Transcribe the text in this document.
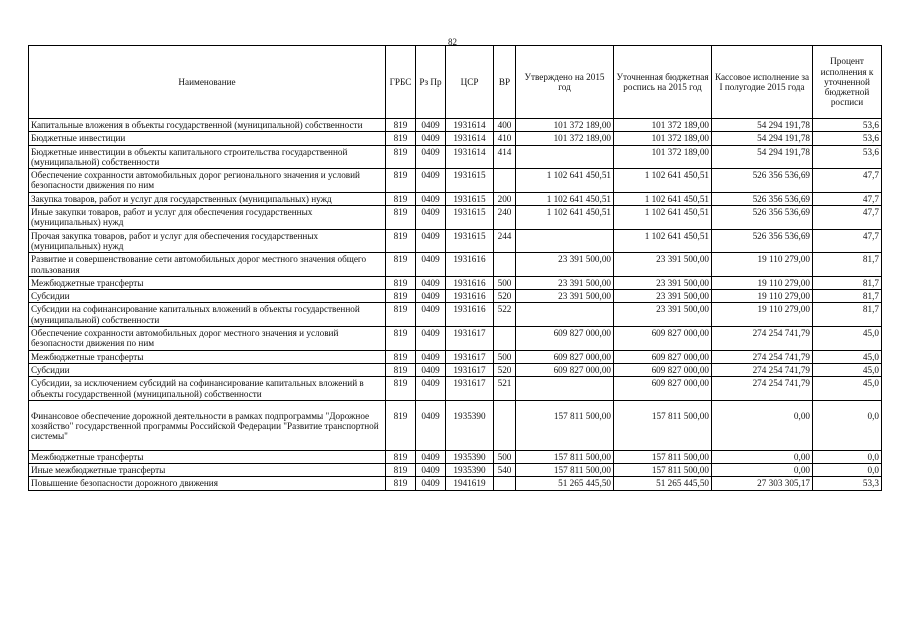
82
Наименование	ГРБС	Рз Пр	ЦСР	ВР	Утверждено на 2015 год	Уточненная бюджетная роспись на 2015 год	Кассовое исполнение за I полугодие 2015 года	Процент исполнения к уточненной бюджетной росписи
Капитальные вложения в объекты государственной (муниципальной) собственности	819	0409	1931614	400	101 372 189,00	101 372 189,00	54 294 191,78	53,6
Бюджетные инвестиции	819	0409	1931614	410	101 372 189,00	101 372 189,00	54 294 191,78	53,6
Бюджетные инвестиции в объекты капитального строительства государственной (муниципальной) собственности	819	0409	1931614	414		101 372 189,00	54 294 191,78	53,6
Обеспечение сохранности автомобильных дорог регионального значения и условий безопасности движения по ним	819	0409	1931615		1 102 641 450,51	1 102 641 450,51	526 356 536,69	47,7
Закупка товаров, работ и услуг для государственных (муниципальных) нужд	819	0409	1931615	200	1 102 641 450,51	1 102 641 450,51	526 356 536,69	47,7
Иные закупки товаров, работ и услуг для обеспечения государственных (муниципальных) нужд	819	0409	1931615	240	1 102 641 450,51	1 102 641 450,51	526 356 536,69	47,7
Прочая закупка товаров, работ и услуг для обеспечения государственных (муниципальных) нужд	819	0409	1931615	244		1 102 641 450,51	526 356 536,69	47,7
Развитие и совершенствование сети автомобильных дорог местного значения общего пользования	819	0409	1931616		23 391 500,00	23 391 500,00	19 110 279,00	81,7
Межбюджетные трансферты	819	0409	1931616	500	23 391 500,00	23 391 500,00	19 110 279,00	81,7
Субсидии	819	0409	1931616	520	23 391 500,00	23 391 500,00	19 110 279,00	81,7
Субсидии на софинансирование капитальных вложений в объекты государственной (муниципальной) собственности	819	0409	1931616	522		23 391 500,00	19 110 279,00	81,7
Обеспечение сохранности автомобильных дорог местного значения и условий безопасности движения по ним	819	0409	1931617		609 827 000,00	609 827 000,00	274 254 741,79	45,0
Межбюджетные трансферты	819	0409	1931617	500	609 827 000,00	609 827 000,00	274 254 741,79	45,0
Субсидии	819	0409	1931617	520	609 827 000,00	609 827 000,00	274 254 741,79	45,0
Субсидии, за исключением субсидий на софинансирование капитальных вложений в объекты государственной (муниципальной) собственности	819	0409	1931617	521		609 827 000,00	274 254 741,79	45,0
Финансовое обеспечение дорожной деятельности в рамках подпрограммы "Дорожное хозяйство" государственной программы Российской Федерации "Развитие транспортной системы"	819	0409	1935390		157 811 500,00	157 811 500,00	0,00	0,0
Межбюджетные трансферты	819	0409	1935390	500	157 811 500,00	157 811 500,00	0,00	0,0
Иные межбюджетные трансферты	819	0409	1935390	540	157 811 500,00	157 811 500,00	0,00	0,0
Повышение безопасности дорожного движения	819	0409	1941619		51 265 445,50	51 265 445,50	27 303 305,17	53,3
